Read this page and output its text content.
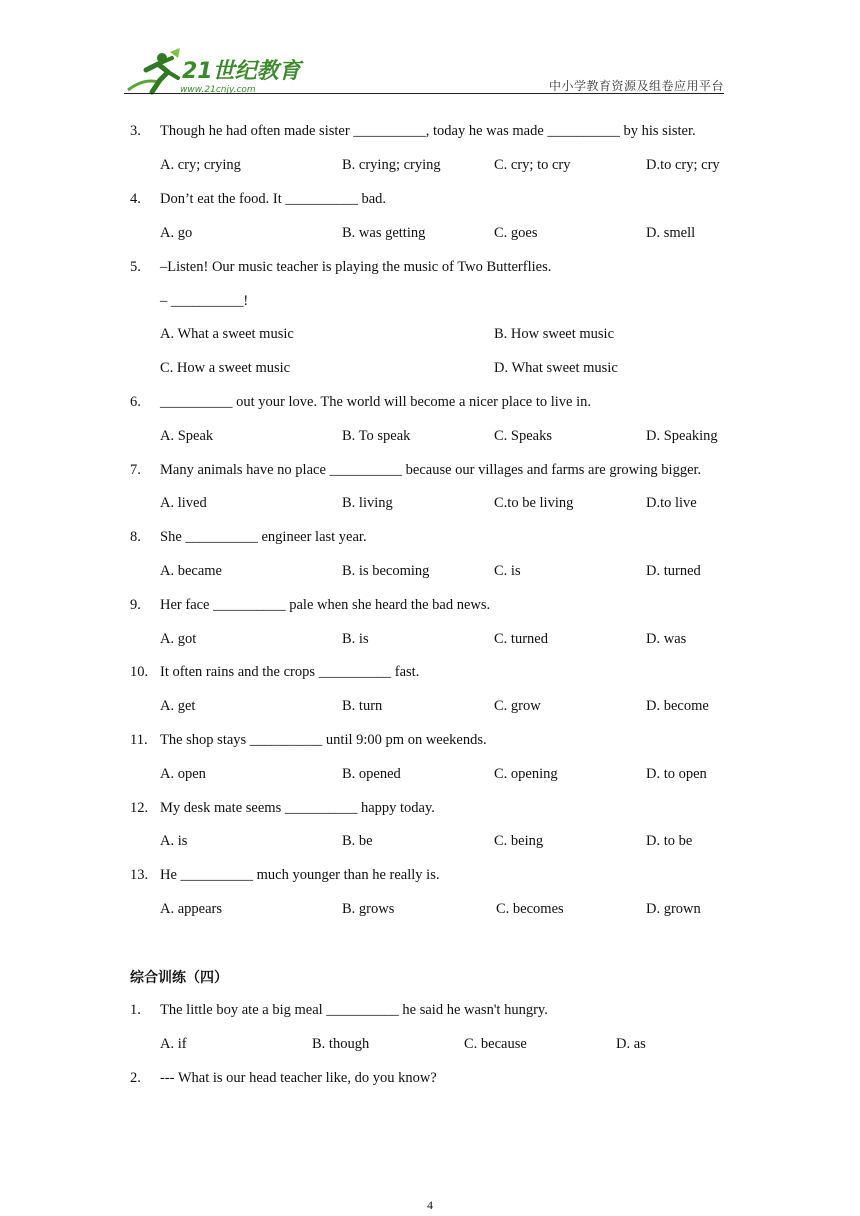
21世纪教育
www.21cnjy.com	中小学教育资源及组卷应用平台
3. Though he had often made sister __________, today he was made __________ by his sister.
A. cry; crying	B. crying; crying	C. cry; to cry	D.to cry; cry
4. Don’t eat the food. It __________ bad.
A. go	B. was getting	C. goes	D. smell
5. –Listen! Our music teacher is playing the music of Two Butterflies.
– __________!
A. What a sweet music	B. How sweet music
C. How a sweet music	D. What sweet music
6. __________ out your love. The world will become a nicer place to live in.
A. Speak	B. To speak	C. Speaks	D. Speaking
7. Many animals have no place __________ because our villages and farms are growing bigger.
A. lived	B. living	C.to be living	D.to live
8. She __________ engineer last year.
A. became	B. is becoming	C. is	D. turned
9. Her face __________ pale when she heard the bad news.
A. got	B. is	C. turned	D. was
10. It often rains and the crops __________ fast.
A. get	B. turn	C. grow	D. become
11. The shop stays __________ until 9:00 pm on weekends.
A. open	B. opened	C. opening	D. to open
12. My desk mate seems __________ happy today.
A. is	B. be	C. being	D. to be
13. He __________ much younger than he really is.
A. appears	B. grows	C. becomes	D. grown
综合训练（四）
1. The little boy ate a big meal __________ he said he wasn't hungry.
A. if	B. though	C. because	D. as
2. --- What is our head teacher like, do you know?
4
